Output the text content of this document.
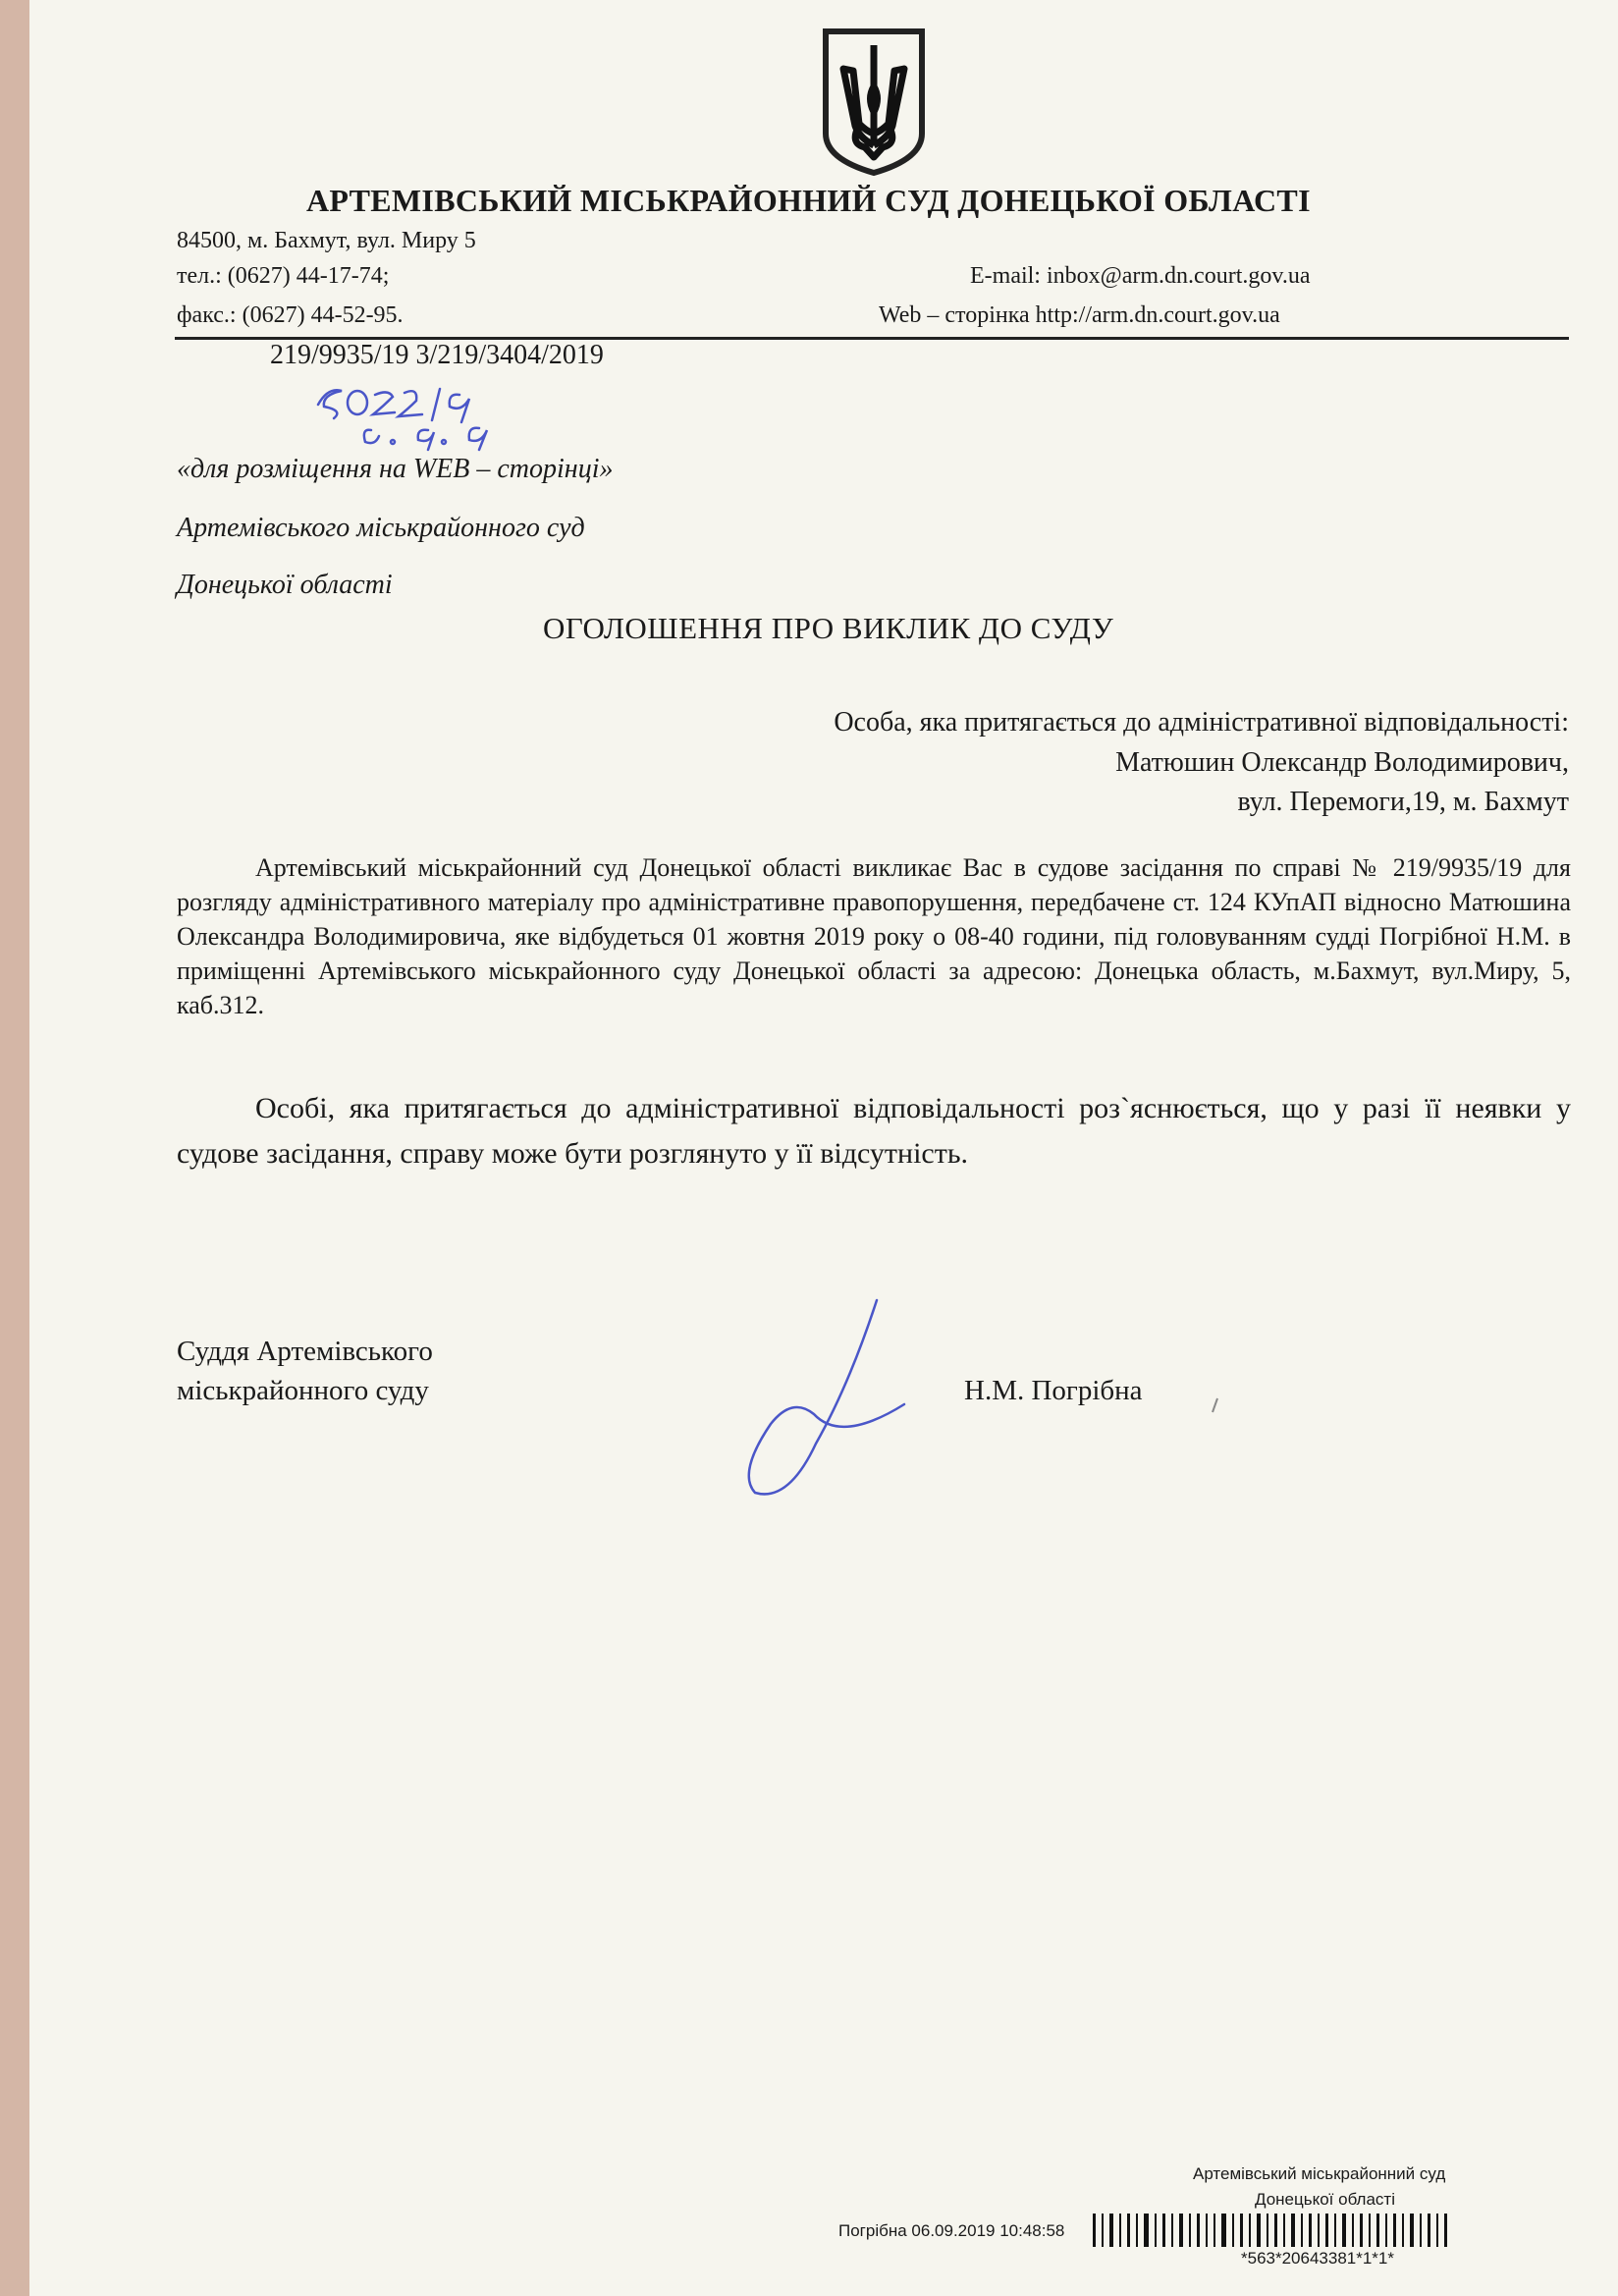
АРТЕМІВСЬКИЙ МІСЬКРАЙОННИЙ СУД ДОНЕЦЬКОЇ ОБЛАСТІ
84500, м. Бахмут, вул. Миру 5
тел.: (0627) 44-17-74;
факс.: (0627) 44-52-95.
E-mail: inbox@arm.dn.court.gov.ua
Web – сторінка http://arm.dn.court.gov.ua
219/9935/19 3/219/3404/2019
«для розміщення на WEB – сторінці»
Артемівського міськрайонного суд
Донецької області
ОГОЛОШЕННЯ ПРО ВИКЛИК ДО СУДУ
Особа, яка притягається до адміністративної відповідальності:
Матюшин Олександр Володимирович,
вул. Перемоги,19, м. Бахмут

Артемівський міськрайонний суд Донецької області викликає Вас в судове засідання по справі № 219/9935/19 для розгляду адміністративного матеріалу про адміністративне правопорушення, передбачене ст. 124 КУпАП відносно Матюшина Олександра Володимировича, яке відбудеться 01 жовтня 2019 року о 08-40 години, під головуванням судді Погрібної Н.М. в приміщенні Артемівського міськрайонного суду Донецької області за адресою: Донецька область, м.Бахмут, вул.Миру, 5, каб.312.

Особі, яка притягається до адміністративної відповідальності роз`яснюється, що у разі її неявки у судове засідання, справу може бути розглянуто у її відсутність.

Суддя Артемівського
міськрайонного суду	Н.М. Погрібна
Артемівський міськрайонний суд
Донецької області
Погрібна 06.09.2019 10:48:58
*563*20643381*1*1*
